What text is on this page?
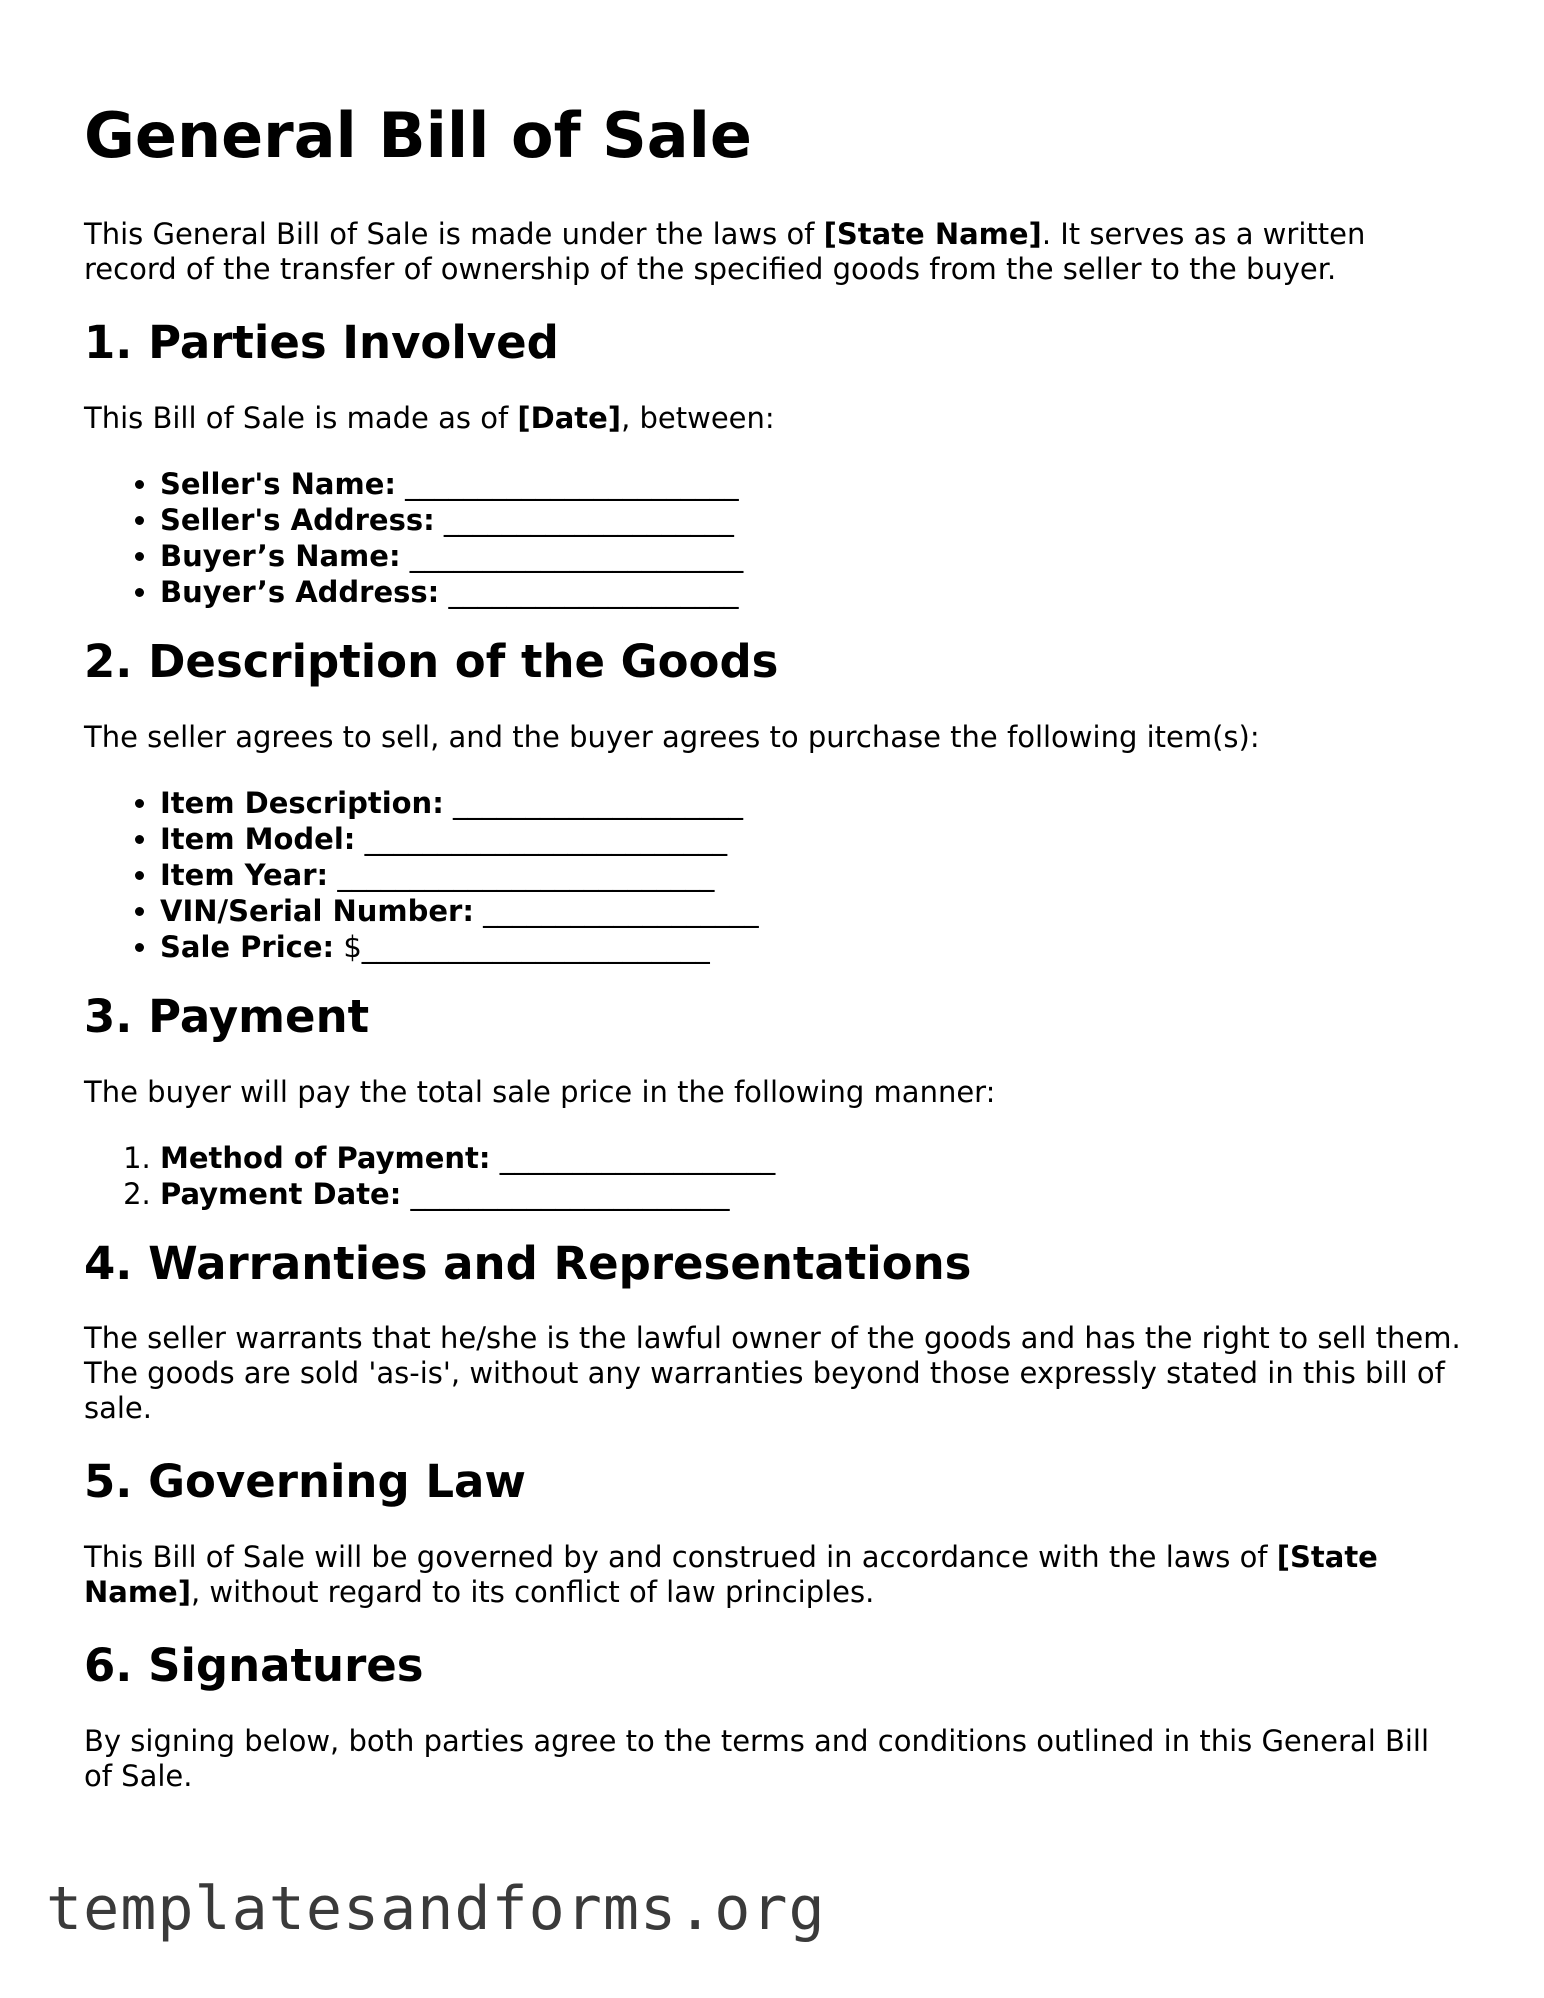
General Bill of Sale

This General Bill of Sale is made under the laws of [State Name]. It serves as a written record of the transfer of ownership of the specified goods from the seller to the buyer.

1. Parties Involved

This Bill of Sale is made as of [Date], between:

• Seller's Name: _______________________
• Seller's Address: ____________________
• Buyer’s Name: _______________________
• Buyer’s Address: ____________________
2. Description of the Goods

The seller agrees to sell, and the buyer agrees to purchase the following item(s):

• Item Description: ____________________
• Item Model: _________________________
• Item Year: __________________________
• VIN/Serial Number: ___________________
• Sale Price: $________________________
3. Payment

The buyer will pay the total sale price in the following manner:

1. Method of Payment: ___________________
2. Payment Date: ______________________
4. Warranties and Representations

The seller warrants that he/she is the lawful owner of the goods and has the right to sell them. The goods are sold 'as-is', without any warranties beyond those expressly stated in this bill of sale.

5. Governing Law

This Bill of Sale will be governed by and construed in accordance with the laws of [State Name], without regard to its conflict of law principles.

6. Signatures

By signing below, both parties agree to the terms and conditions outlined in this General Bill of Sale.

templatesandforms.org
